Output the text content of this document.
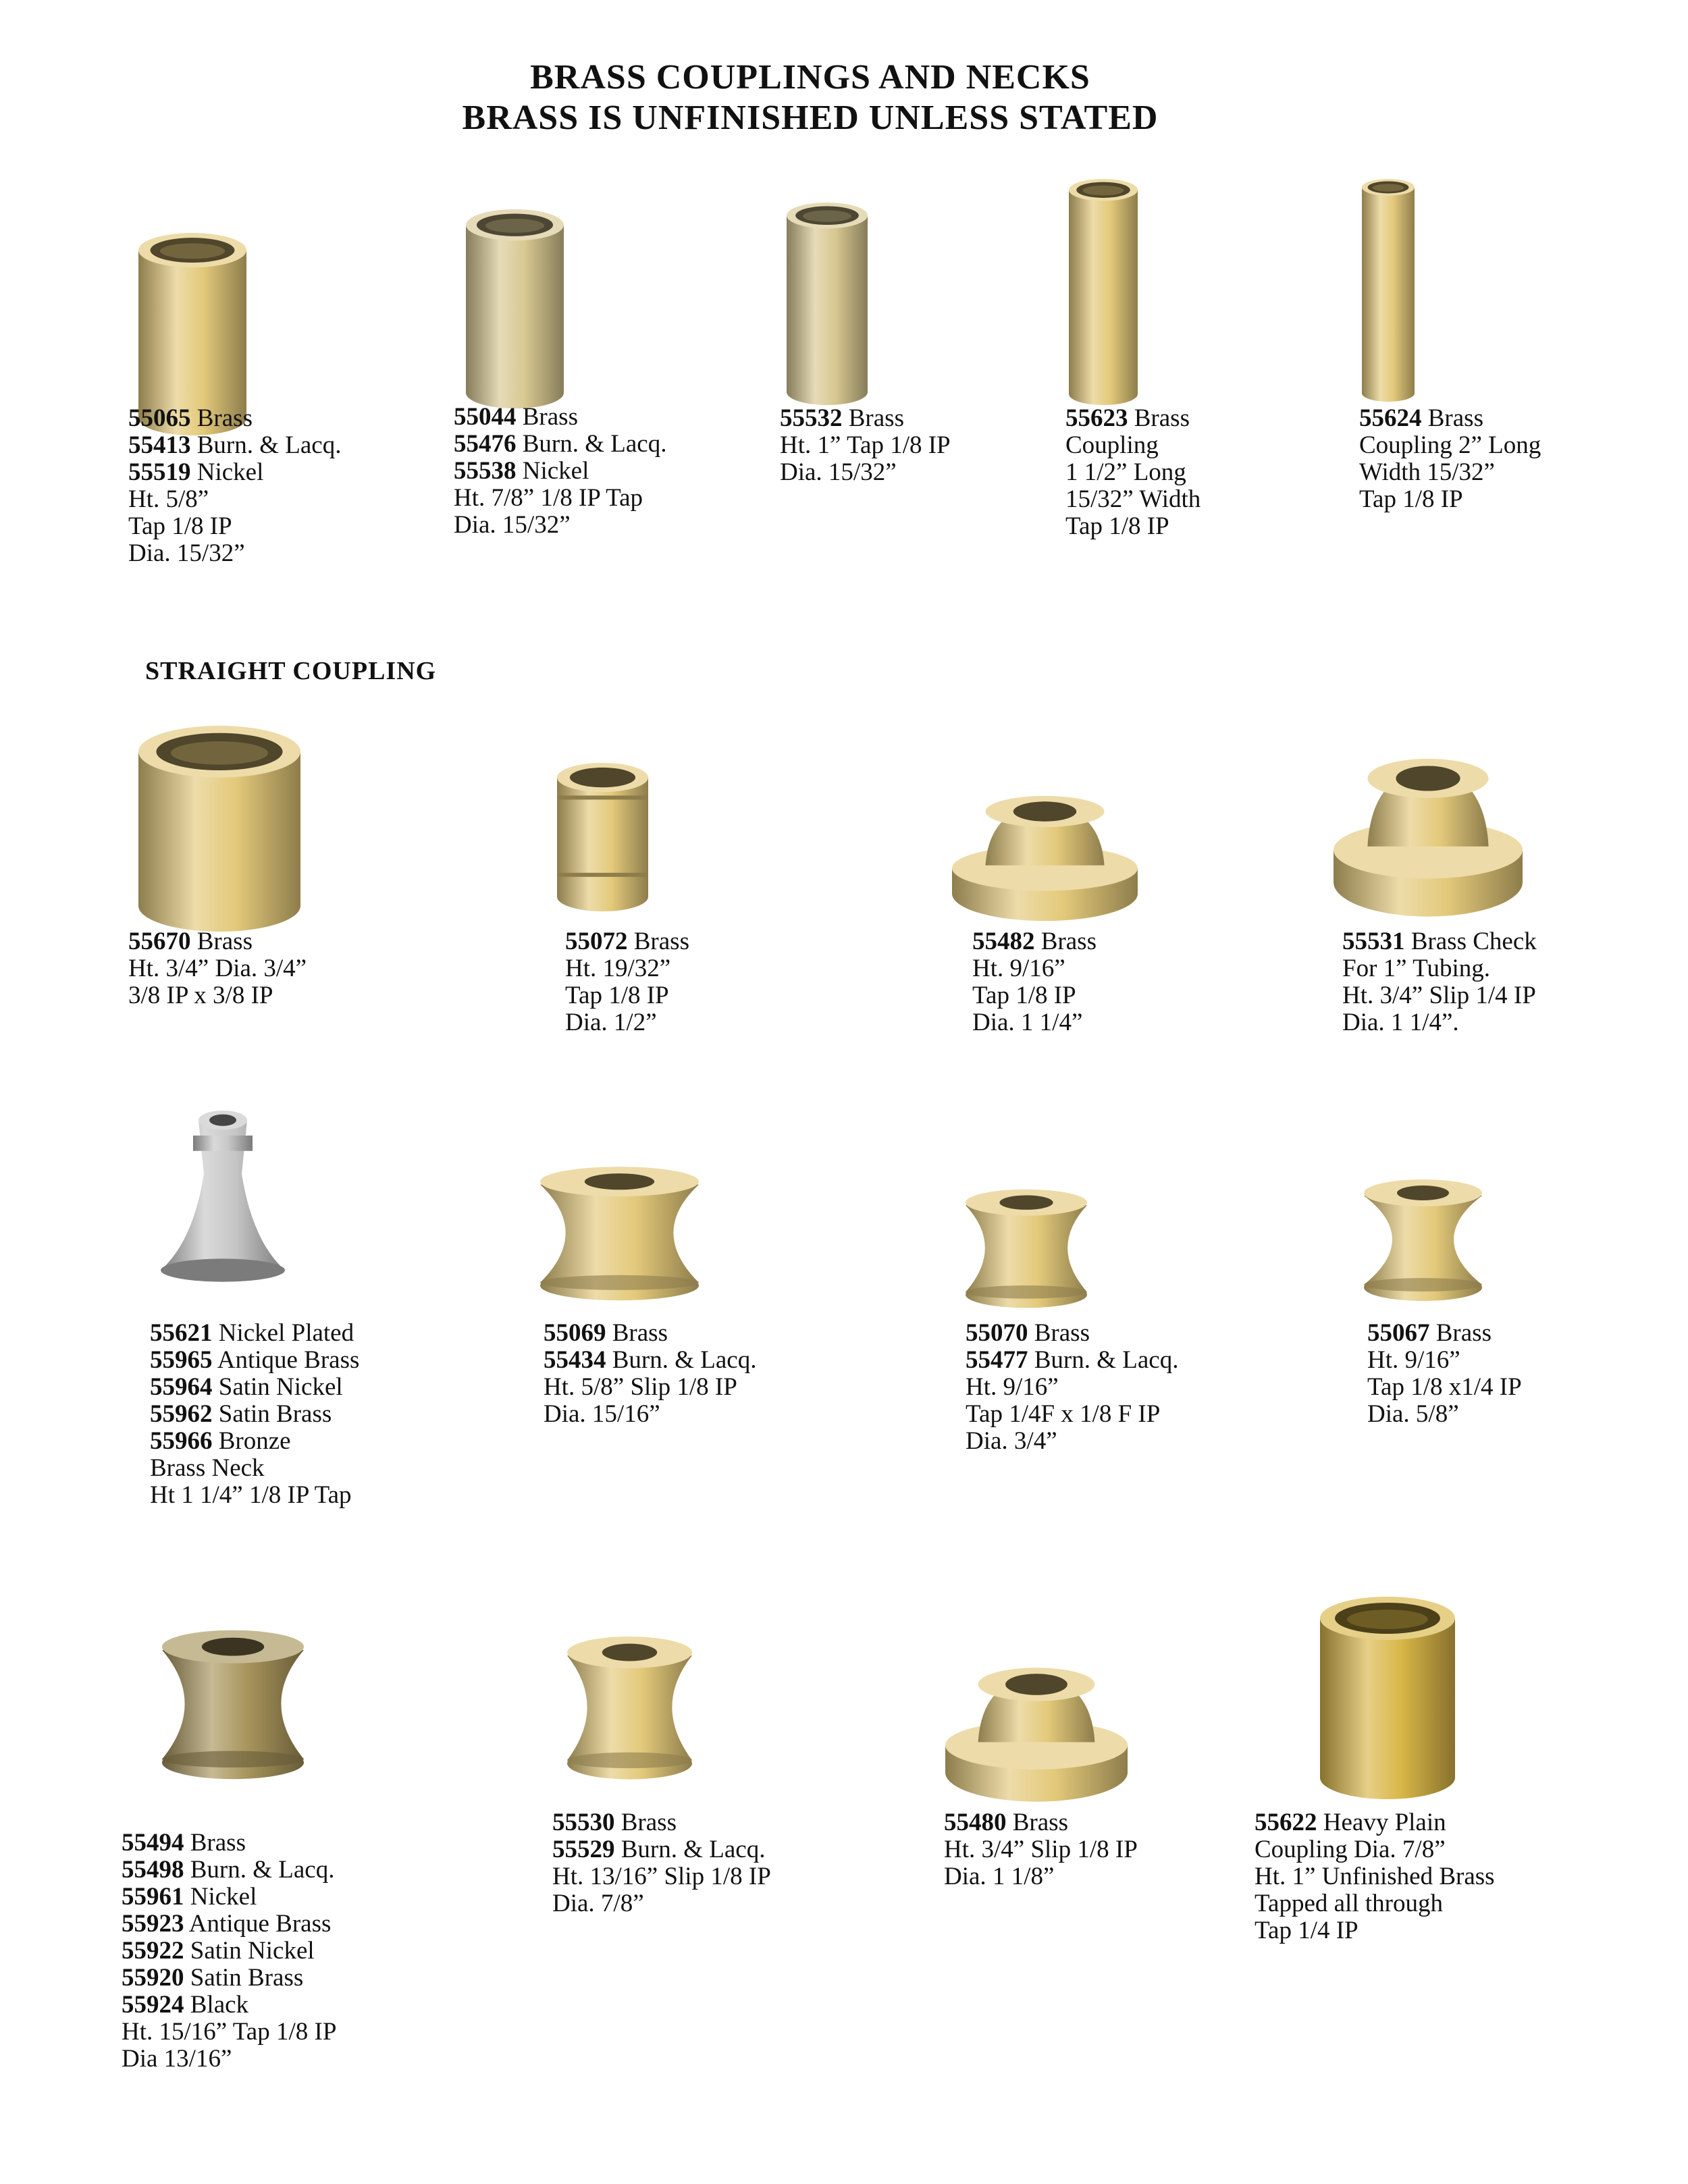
BRASS COUPLINGS AND NECKS
BRASS IS UNFINISHED UNLESS STATED
STRAIGHT COUPLING
55065 Brass
55413 Burn. & Lacq.
55519 Nickel
Ht. 5/8”
Tap 1/8 IP
Dia. 15/32”
55044 Brass
55476 Burn. & Lacq.
55538 Nickel
Ht. 7/8” 1/8 IP Tap
Dia. 15/32”
55532 Brass
Ht. 1” Tap 1/8 IP
Dia. 15/32”
55623 Brass
Coupling
1 1/2” Long
15/32” Width
Tap 1/8 IP
55624 Brass
Coupling 2” Long
Width 15/32”
Tap 1/8 IP
55670 Brass
Ht. 3/4” Dia. 3/4”
3/8 IP x 3/8 IP
55072 Brass
Ht. 19/32”
Tap 1/8 IP
Dia. 1/2”
55482 Brass
Ht. 9/16”
Tap 1/8 IP
Dia. 1 1/4”
55531 Brass Check
For 1” Tubing.
Ht. 3/4” Slip 1/4 IP
Dia. 1 1/4”.
55621 Nickel Plated
55965 Antique Brass
55964 Satin Nickel
55962 Satin Brass
55966 Bronze
Brass Neck
Ht 1 1/4” 1/8 IP Tap
55069 Brass
55434 Burn. & Lacq.
Ht. 5/8” Slip 1/8 IP
Dia. 15/16”
55070 Brass
55477 Burn. & Lacq.
Ht. 9/16”
Tap 1/4F x 1/8 F IP
Dia. 3/4”
55067 Brass
Ht. 9/16”
Tap 1/8 x1/4 IP
Dia. 5/8”
55494 Brass
55498 Burn. & Lacq.
55961 Nickel
55923 Antique Brass
55922 Satin Nickel
55920 Satin Brass
55924 Black
Ht. 15/16” Tap 1/8 IP
Dia 13/16”
55530 Brass
55529 Burn. & Lacq.
Ht. 13/16” Slip 1/8 IP
Dia. 7/8”
55480 Brass
Ht. 3/4” Slip 1/8 IP
Dia. 1 1/8”
55622 Heavy Plain
Coupling Dia. 7/8”
Ht. 1” Unfinished Brass
Tapped all through
Tap 1/4 IP
